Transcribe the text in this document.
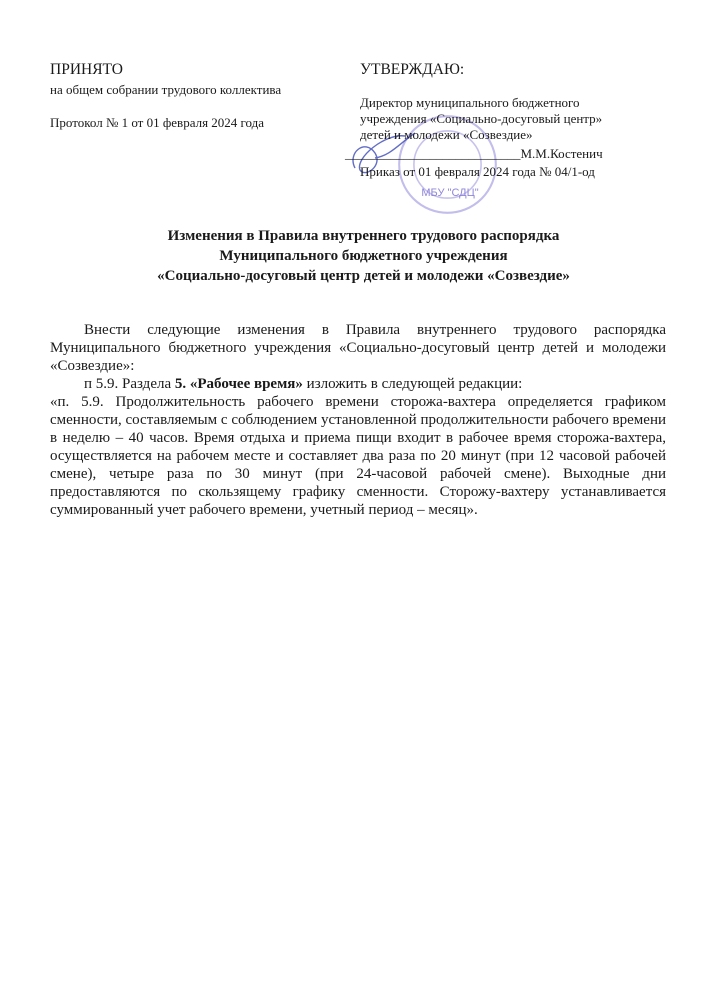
ПРИНЯТО
на общем собрании трудового коллектива
Протокол № 1 от 01 февраля 2024 года
МБУ "СДЦ"
УТВЕРЖДАЮ:
Директор муниципального бюджетного
учреждения «Социально-досуговый центр»
детей и молодежи «Созвездие»
___________________________М.М.Костенич
Приказ от 01 февраля 2024 года № 04/1-од
Изменения в Правила внутреннего трудового распорядка
Муниципального бюджетного учреждения
«Социально-досуговый центр детей и молодежи «Созвездие»

Внести следующие изменения в Правила внутреннего трудового распорядка Муниципального бюджетного учреждения «Социально-досуговый центр детей и молодежи «Созвездие»:

п 5.9. Раздела 5. «Рабочее время» изложить в следующей редакции:

«п. 5.9. Продолжительность рабочего времени сторожа-вахтера определяется графиком сменности, составляемым с соблюдением установленной продолжительности рабочего времени в неделю – 40 часов. Время отдыха и приема пищи входит в рабочее время сторожа-вахтера, осуществляется на рабочем месте и составляет два раза по 20 минут (при 12 часовой рабочей смене), четыре раза по 30 минут (при 24-часовой рабочей смене). Выходные дни предоставляются по скользящему графику сменности. Сторожу-вахтеру устанавливается суммированный учет рабочего времени, учетный период – месяц».
